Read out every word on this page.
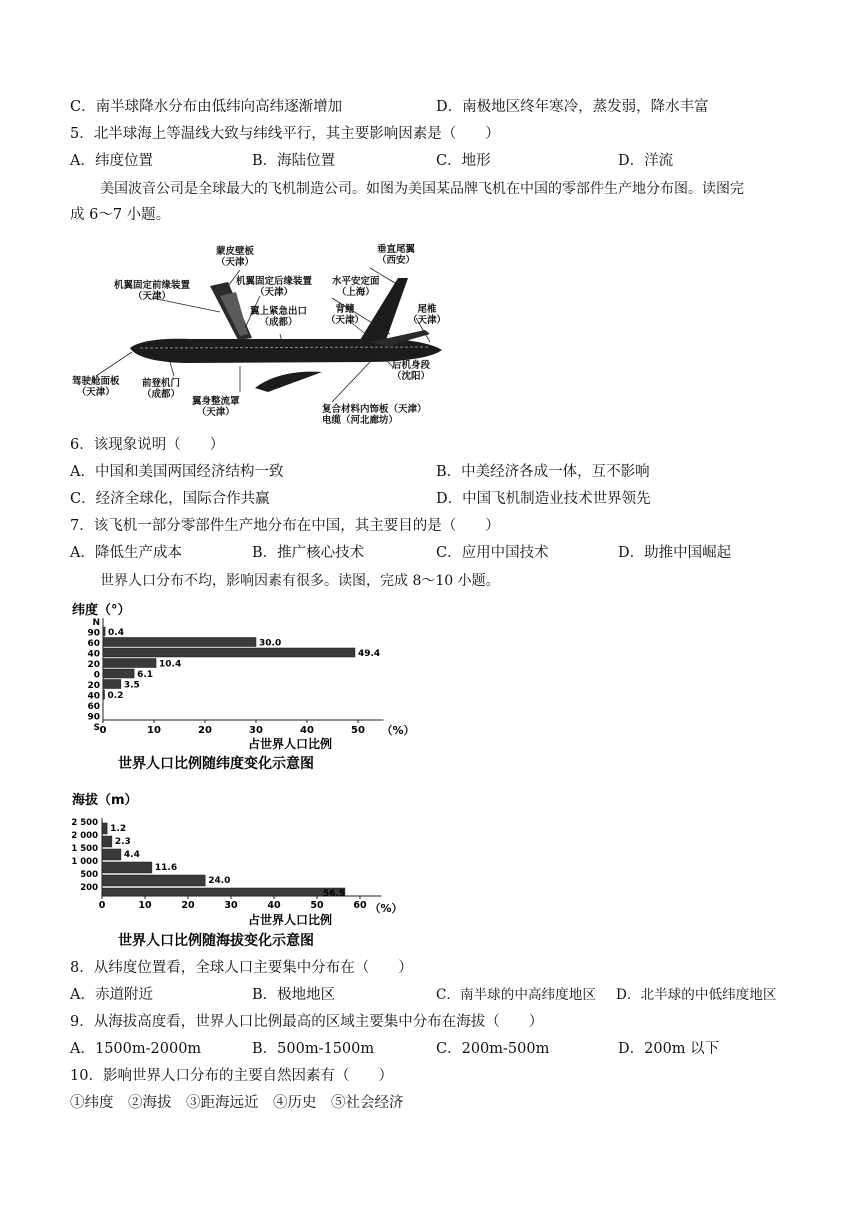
C．南半球降水分布由低纬向高纬逐渐增加	D．南极地区终年寒冷，蒸发弱，降水丰富
5．北半球海上等温线大致与纬线平行，其主要影响因素是（　　）
A．纬度位置	B．海陆位置	C．地形	D．洋流
美国波音公司是全球最大的飞机制造公司。如图为美国某品牌飞机在中国的零部件生产地分布图。读图完
成 6～7 小题。
蒙皮壁板
（天津）
机翼固定前缘装置
（天津）
机翼固定后缘装置
（天津）
翼上紧急出口
（成都）
垂直尾翼
（西安）
水平安定面
（上海）
背鳍
（天津）
尾椎
（天津）
后机身段
（沈阳）
驾驶舱面板
（天津）
前登机门
（成都）
翼身整流罩
（天津）	复合材料内饰板（天津）
电缆（河北廊坊）
6．该现象说明（　　）
A．中国和美国两国经济结构一致	B．中美经济各成一体，互不影响
C．经济全球化，国际合作共赢	D．中国飞机制造业技术世界领先
7．该飞机一部分零部件生产地分布在中国，其主要目的是（　　）
A．降低生产成本	B．推广核心技术	C．应用中国技术	D．助推中国崛起
世界人口分布不均，影响因素有很多。读图，完成 8～10 小题。
纬度（°）
N
90
60
40
20
0
20
40
60
90
S
0.4
30.0
49.4
10.4
6.1
3.5
0.2
0	10	20	30	40	50 （%）
占世界人口比例
世界人口比例随纬度变化示意图
海拔（m）
2 500
2 000
1 500
1 000
500
200
1.2
2.3
4.4
11.6
24.0
56.5
0	10	20	30	40	50	60 （%）
占世界人口比例
世界人口比例随海拔变化示意图
8．从纬度位置看，全球人口主要集中分布在（　　）
A．赤道附近	B．极地地区	C．南半球的中高纬度地区 D．北半球的中低纬度地区
9．从海拔高度看，世界人口比例最高的区域主要集中分布在海拔（　　）
A．1500m-2000m	B．500m-1500m	C．200m-500m	D．200m 以下
10．影响世界人口分布的主要自然因素有（　　）
①纬度　②海拔　③距海远近　④历史　⑤社会经济
